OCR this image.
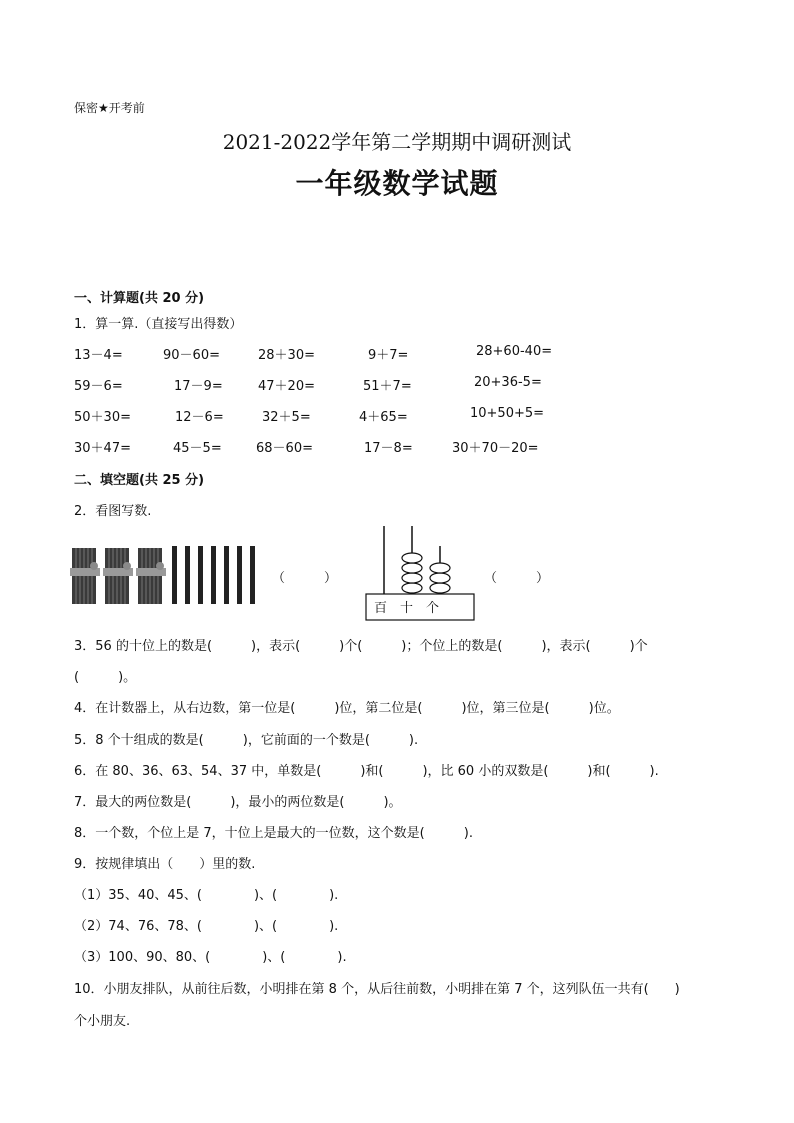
保密★开考前
2021-2022学年第二学期期中调研测试
一年级数学试题
一、计算题(共 20 分)
1．算一算.（直接写出得数）
13－4=	90－60=	28＋30=	9＋7=	28+60-40=
59－6=	17－9=	47＋20=	51＋7=	20+36-5=
50＋30=	12－6=	32＋5=	4＋65=	10+50+5=
30＋47=	45－5=	68－60=	17－8=	30＋70－20=
二、填空题(共 25 分)
2．看图写数.
（　　　）
百　十　个
（　　　）
3．56 的十位上的数是(　　　)，表示(　　　)个(　　　)；个位上的数是(　　　)，表示(　　　)个
(　　　)。
4．在计数器上，从右边数，第一位是(　　　)位，第二位是(　　　)位，第三位是(　　　)位。
5．8 个十组成的数是(　　　)，它前面的一个数是(　　　).
6．在 80、36、63、54、37 中，单数是(　　　)和(　　　)，比 60 小的双数是(　　　)和(　　　).
7．最大的两位数是(　　　)，最小的两位数是(　　　)。
8．一个数，个位上是 7，十位上是最大的一位数，这个数是(　　　).
9．按规律填出（　　）里的数.
（1）35、40、45、(　　　　)、(　　　　).
（2）74、76、78、(　　　　)、(　　　　).
（3）100、90、80、(　　　　)、(　　　　).
10．小朋友排队，从前往后数，小明排在第 8 个，从后往前数，小明排在第 7 个，这列队伍一共有(　　)
个小朋友.
